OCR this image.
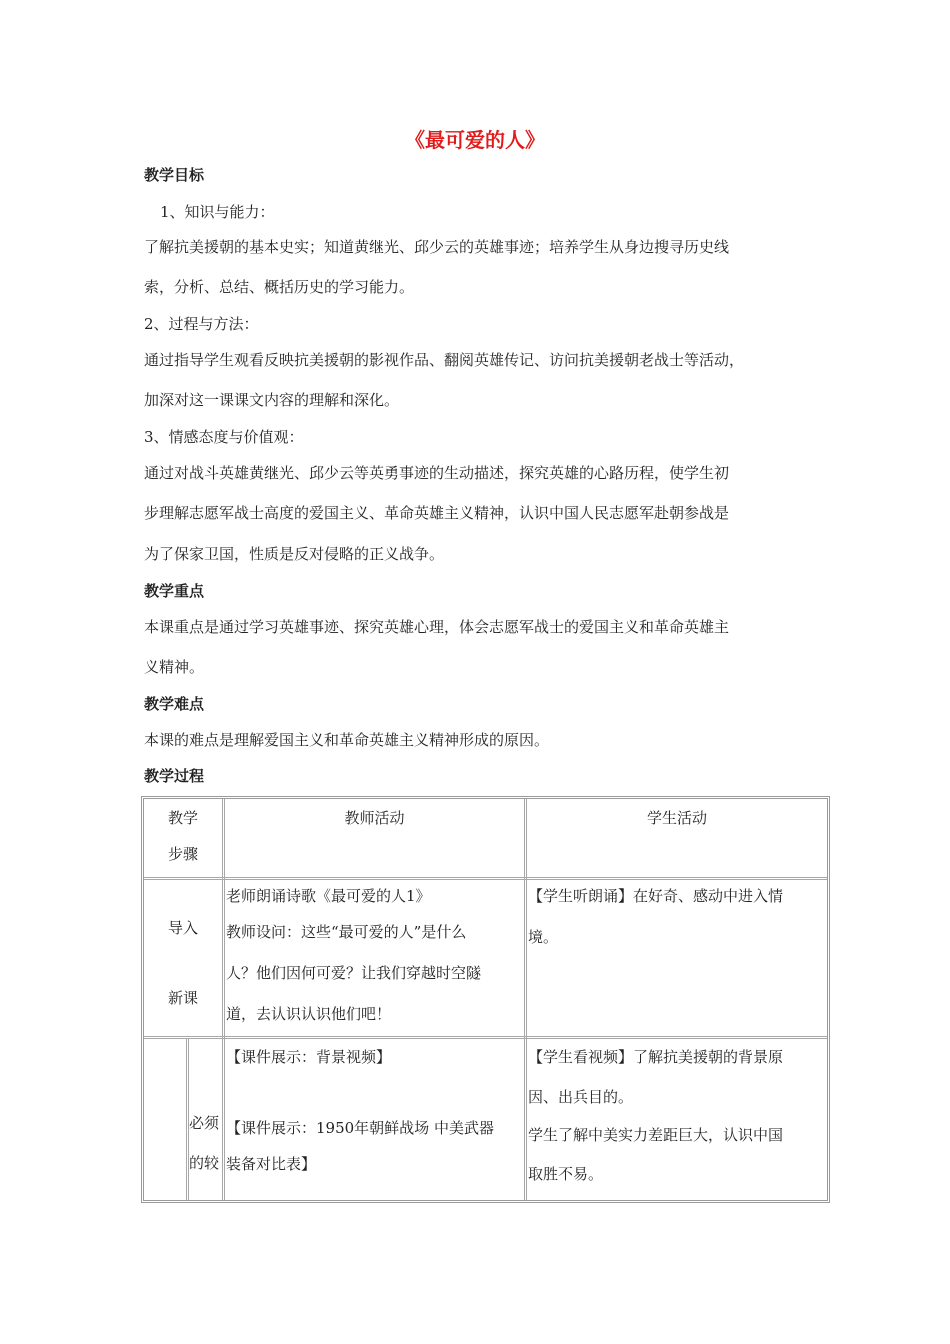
《最可爱的人》
教学目标
1、知识与能力：
了解抗美援朝的基本史实；知道黄继光、邱少云的英雄事迹；培养学生从身边搜寻历史线
索，分析、总结、概括历史的学习能力。
2、过程与方法：
通过指导学生观看反映抗美援朝的影视作品、翻阅英雄传记、访问抗美援朝老战士等活动，
加深对这一课课文内容的理解和深化。
3、情感态度与价值观：
通过对战斗英雄黄继光、邱少云等英勇事迹的生动描述，探究英雄的心路历程，使学生初
步理解志愿军战士高度的爱国主义、革命英雄主义精神，认识中国人民志愿军赴朝参战是
为了保家卫国，性质是反对侵略的正义战争。
教学重点
本课重点是通过学习英雄事迹、探究英雄心理，体会志愿军战士的爱国主义和革命英雄主
义精神。
教学难点
本课的难点是理解爱国主义和革命英雄主义精神形成的原因。
教学过程
教学
步骤
教师活动	学生活动
导入
新课
老师朗诵诗歌《最可爱的人1》
教师设问：这些“最可爱的人”是什么
人？他们因何可爱？让我们穿越时空隧
道，去认识认识他们吧！
【学生听朗诵】在好奇、感动中进入情
境。
必须
的较
【课件展示：背景视频】
【课件展示：1950年朝鲜战场 中美武器
装备对比表】
【学生看视频】了解抗美援朝的背景原
因、出兵目的。
学生了解中美实力差距巨大，认识中国
取胜不易。
